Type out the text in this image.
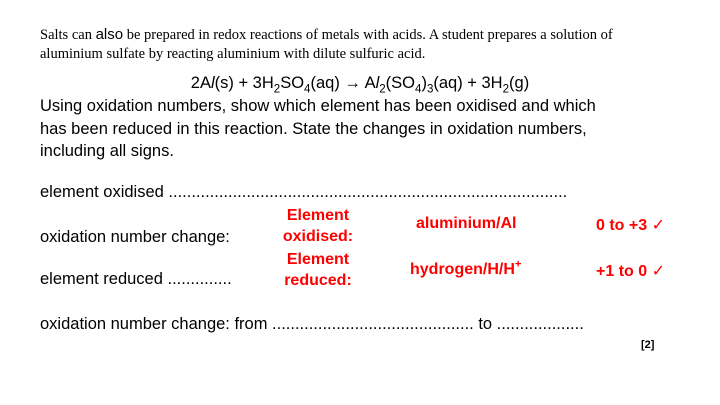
Salts can also be prepared in redox reactions of metals with acids. A student prepares a solution of
aluminium sulfate by reacting aluminium with dilute sulfuric acid.
$2Al(s) + 3H_2SO_4(aq) \to Al_2(SO_4)_3(aq) + 3H_2(g)$
Using oxidation numbers, show which element has been oxidised and which
has been reduced in this reaction. State the changes in oxidation numbers,
including all signs.
element oxidised .......................................................................................
oxidation number change:
element reduced ..............
oxidation number change: from ............................................ to ...................
Element
oxidised:
aluminium/Al	0 to +3 ✓
Element
reduced:
hydrogen/H/H+	+1 to 0 ✓
[2]
